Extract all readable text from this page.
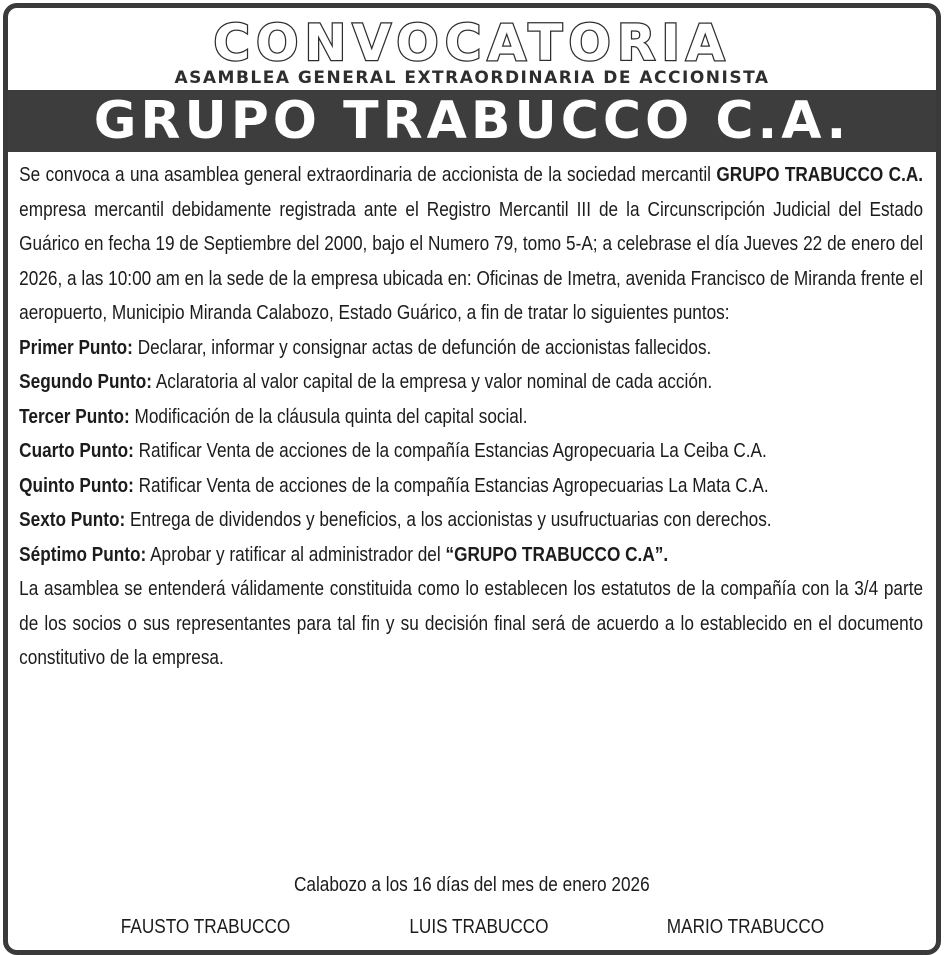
CONVOCATORIA
ASAMBLEA GENERAL EXTRAORDINARIA DE ACCIONISTA
GRUPO TRABUCCO C.A.

Se convoca a una asamblea general extraordinaria de accionista de la sociedad mercantil GRUPO TRABUCCO C.A. empresa mercantil debidamente registrada ante el Registro Mercantil III de la Circunscripción Judicial del Estado Guárico en fecha 19 de Septiembre del 2000, bajo el Numero 79, tomo 5-A; a celebrase el día Jueves 22 de enero del 2026, a las 10:00 am en la sede de la empresa ubicada en: Oficinas de Imetra, avenida Francisco de Miranda frente el aeropuerto, Municipio Miranda Calabozo, Estado Guárico, a fin de tratar lo siguientes puntos:

Primer Punto: Declarar, informar y consignar actas de defunción de accionistas fallecidos.

Segundo Punto: Aclaratoria al valor capital de la empresa y valor nominal de cada acción.

Tercer Punto: Modificación de la cláusula quinta del capital social.

Cuarto Punto: Ratificar Venta de acciones de la compañía Estancias Agropecuaria La Ceiba C.A.

Quinto Punto: Ratificar Venta de acciones de la compañía Estancias Agropecuarias La Mata C.A.

Sexto Punto: Entrega de dividendos y beneficios, a los accionistas y usufructuarias con derechos.

Séptimo Punto: Aprobar y ratificar al administrador del “GRUPO TRABUCCO C.A”.

La asamblea se entenderá válidamente constituida como lo establecen los estatutos de la compañía con la 3/4 parte de los socios o sus representantes para tal fin y su decisión final será de acuerdo a lo establecido en el documento constitutivo de la empresa.

Calabozo a los 16 días del mes de enero 2026
FAUSTO TRABUCCO	LUIS TRABUCCO	MARIO TRABUCCO
